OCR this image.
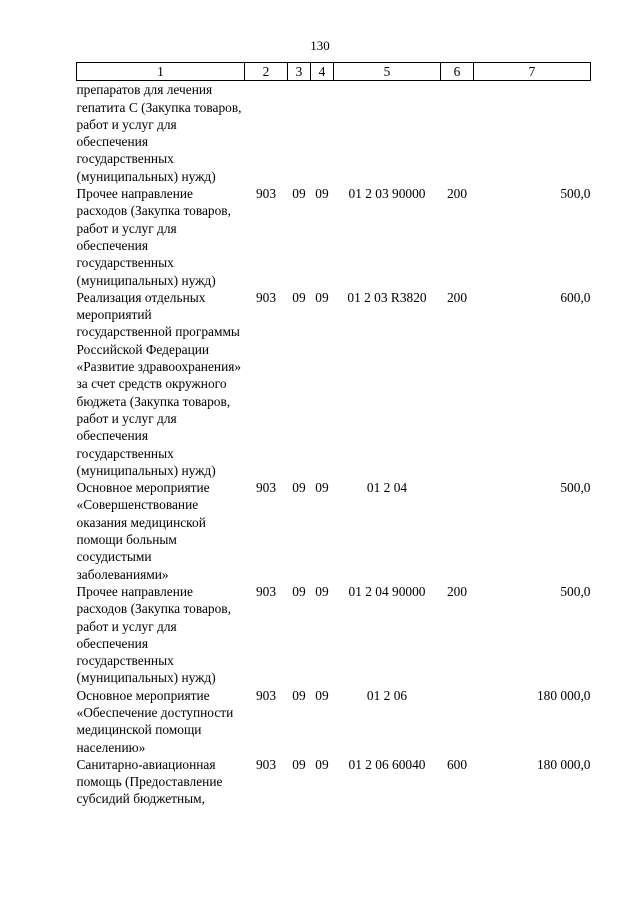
130
1	2	3	4	5	6	7
препаратов для лечения гепатита С (Закупка товаров, работ и услуг для обеспечения государственных (муниципальных) нужд)						
Прочее направление расходов (Закупка товаров, работ и услуг для обеспечения государственных (муниципальных) нужд)	903	09	09	01 2 03 90000	200	500,0
Реализация отдельных мероприятий государственной программы Российской Федерации «Развитие здравоохранения» за счет средств окружного бюджета (Закупка товаров, работ и услуг для обеспечения государственных (муниципальных) нужд)	903	09	09	01 2 03 R3820	200	600,0
Основное мероприятие «Совершенствование оказания медицинской помощи больным сосудистыми заболеваниями»	903	09	09	01 2 04		500,0
Прочее направление расходов (Закупка товаров, работ и услуг для обеспечения государственных (муниципальных) нужд)	903	09	09	01 2 04 90000	200	500,0
Основное мероприятие «Обеспечение доступности медицинской помощи населению»	903	09	09	01 2 06		180 000,0
Санитарно-авиационная помощь (Предоставление субсидий бюджетным,	903	09	09	01 2 06 60040	600	180 000,0
